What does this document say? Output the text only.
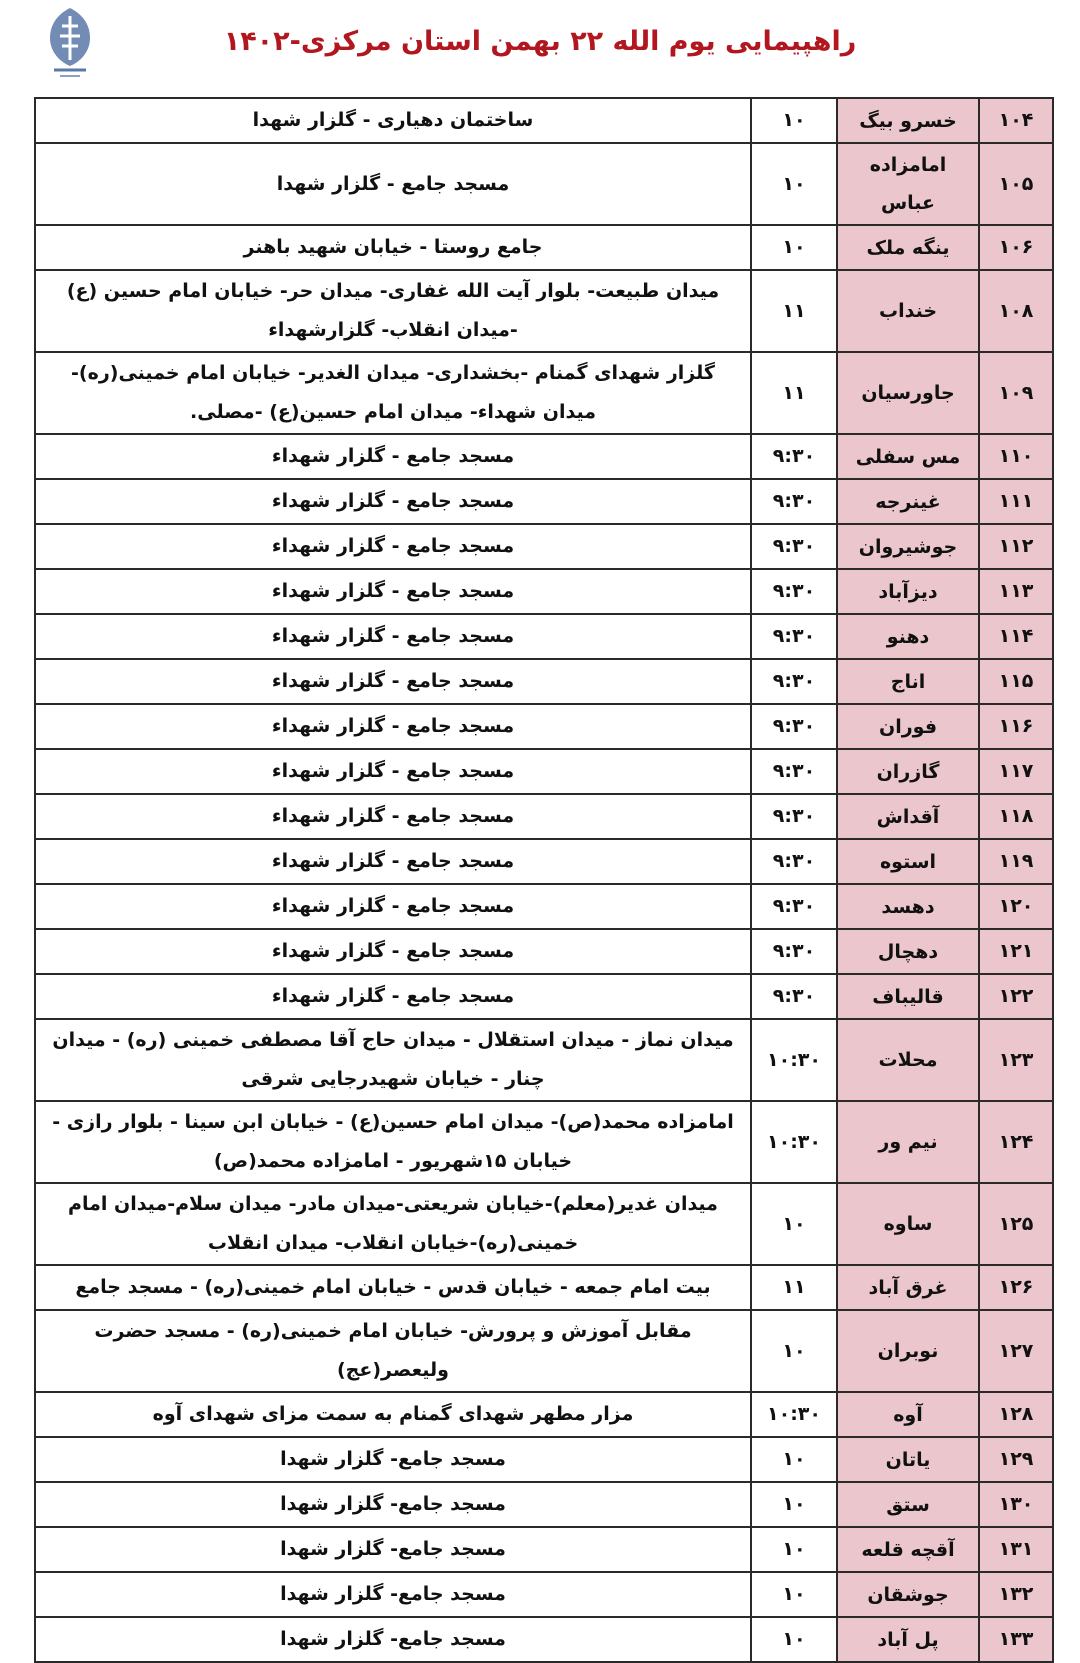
راهپیمایی یوم الله ۲۲ بهمن استان مرکزی-۱۴۰۲
۱۰۴	خسرو بیگ	۱۰	ساختمان دهیاری - گلزار شهدا
۱۰۵	امامزاده عباس	۱۰	مسجد جامع - گلزار شهدا
۱۰۶	ینگه ملک	۱۰	جامع روستا - خیابان شهید باهنر
۱۰۸	خنداب	۱۱	میدان طبیعت- بلوار آیت الله غفاری- میدان حر- خیابان امام حسین (ع) -میدان انقلاب- گلزارشهداء
۱۰۹	جاورسیان	۱۱	گلزار شهدای گمنام -بخشداری- میدان الغدیر- خیابان امام خمینی(ره)- میدان شهداء- میدان امام حسین(ع) -مصلی.
۱۱۰	مس سفلی	۹:۳۰	مسجد جامع - گلزار شهداء
۱۱۱	غینرجه	۹:۳۰	مسجد جامع - گلزار شهداء
۱۱۲	جوشیروان	۹:۳۰	مسجد جامع - گلزار شهداء
۱۱۳	دیزآباد	۹:۳۰	مسجد جامع - گلزار شهداء
۱۱۴	دهنو	۹:۳۰	مسجد جامع - گلزار شهداء
۱۱۵	اناج	۹:۳۰	مسجد جامع - گلزار شهداء
۱۱۶	فوران	۹:۳۰	مسجد جامع - گلزار شهداء
۱۱۷	گازران	۹:۳۰	مسجد جامع - گلزار شهداء
۱۱۸	آقداش	۹:۳۰	مسجد جامع - گلزار شهداء
۱۱۹	استوه	۹:۳۰	مسجد جامع - گلزار شهداء
۱۲۰	دهسد	۹:۳۰	مسجد جامع - گلزار شهداء
۱۲۱	دهچال	۹:۳۰	مسجد جامع - گلزار شهداء
۱۲۲	قالیباف	۹:۳۰	مسجد جامع - گلزار شهداء
۱۲۳	محلات	۱۰:۳۰	میدان نماز - میدان استقلال - میدان حاج آقا مصطفی خمینی (ره) - میدان چنار - خیابان شهیدرجایی شرقی
۱۲۴	نیم ور	۱۰:۳۰	امامزاده محمد(ص)- میدان امام حسین(ع) - خیابان ابن سینا - بلوار رازی - خیابان ۱۵شهریور - امامزاده محمد(ص)
۱۲۵	ساوه	۱۰	میدان غدیر(معلم)-خیابان شریعتی-میدان مادر- میدان سلام-میدان امام خمینی(ره)-خیابان انقلاب- میدان انقلاب
۱۲۶	غرق آباد	۱۱	بیت امام جمعه - خیابان قدس - خیابان امام خمینی(ره) - مسجد جامع
۱۲۷	نوبران	۱۰	مقابل آموزش و پرورش- خیابان امام خمینی(ره) - مسجد حضرت ولیعصر(عج)
۱۲۸	آوه	۱۰:۳۰	مزار مطهر شهدای گمنام به سمت مزای شهدای آوه
۱۲۹	یاتان	۱۰	مسجد جامع- گلزار شهدا
۱۳۰	ستق	۱۰	مسجد جامع- گلزار شهدا
۱۳۱	آقچه قلعه	۱۰	مسجد جامع- گلزار شهدا
۱۳۲	جوشقان	۱۰	مسجد جامع- گلزار شهدا
۱۳۳	پل آباد	۱۰	مسجد جامع- گلزار شهدا
